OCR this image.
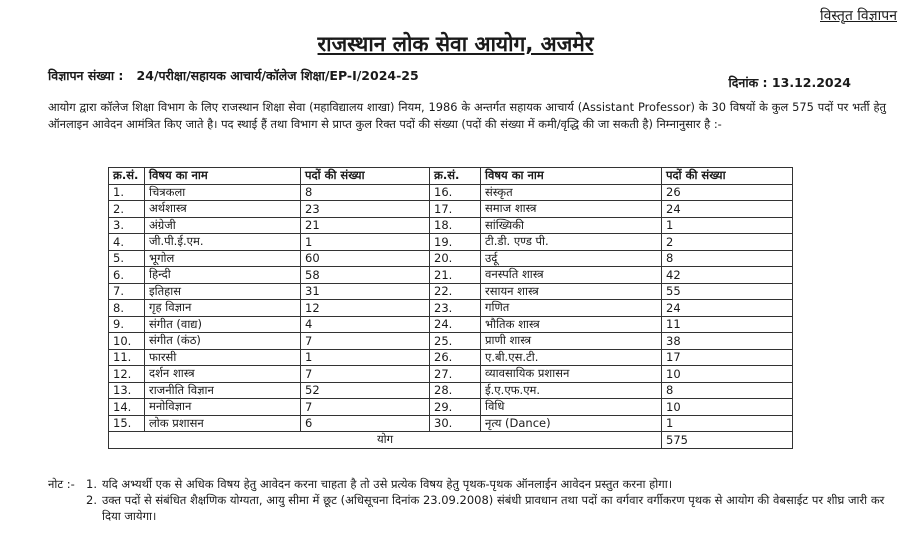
विस्तृत विज्ञापन
राजस्थान लोक सेवा आयोग, अजमेर
विज्ञापन संख्या : 24/परीक्षा/सहायक आचार्य/कॉलेज शिक्षा/EP-I/2024-25	दिनांक : 13.12.2024
आयोग द्वारा कॉलेज शिक्षा विभाग के लिए राजस्थान शिक्षा सेवा (महाविद्यालय शाखा) नियम, 1986 के अन्तर्गत सहायक आचार्य (Assistant Professor) के 30 विषयों के कुल 575 पदों पर भर्ती हेतु ऑनलाइन आवेदन आमंत्रित किए जाते है। पद स्थाई हैं तथा विभाग से प्राप्त कुल रिक्त पदों की संख्या (पदों की संख्या में कमी/वृद्धि की जा सकती है) निम्नानुसार है :-
क्र.सं.	विषय का नाम	पदों की संख्या	क्र.सं.	विषय का नाम	पदों की संख्या
1.	चित्रकला	8	16.	संस्कृत	26
2.	अर्थशास्त्र	23	17.	समाज शास्त्र	24
3.	अंग्रेजी	21	18.	सांख्यिकी	1
4.	जी.पी.ई.एम.	1	19.	टी.डी. एण्ड पी.	2
5.	भूगोल	60	20.	उर्दू	8
6.	हिन्दी	58	21.	वनस्पति शास्त्र	42
7.	इतिहास	31	22.	रसायन शास्त्र	55
8.	गृह विज्ञान	12	23.	गणित	24
9.	संगीत (वाद्य)	4	24.	भौतिक शास्त्र	11
10.	संगीत (कंठ)	7	25.	प्राणी शास्त्र	38
11.	फारसी	1	26.	ए.बी.एस.टी.	17
12.	दर्शन शास्त्र	7	27.	व्यावसायिक प्रशासन	10
13.	राजनीति विज्ञान	52	28.	ई.ए.एफ.एम.	8
14.	मनोविज्ञान	7	29.	विधि	10
15.	लोक प्रशासन	6	30.	नृत्य (Dance)	1
योग					575
नोट :- 1. यदि अभ्यर्थी एक से अधिक विषय हेतु आवेदन करना चाहता है तो उसे प्रत्येक विषय हेतु पृथक-पृथक ऑनलाईन आवेदन प्रस्तुत करना होगा।
2. उक्त पदों से संबंधित शैक्षणिक योग्यता, आयु सीमा में छूट (अधिसूचना दिनांक 23.09.2008) संबंधी प्रावधान तथा पदों का वर्गवार वर्गीकरण पृथक से आयोग की वेबसाईट पर शीघ्र जारी कर दिया जायेगा।
